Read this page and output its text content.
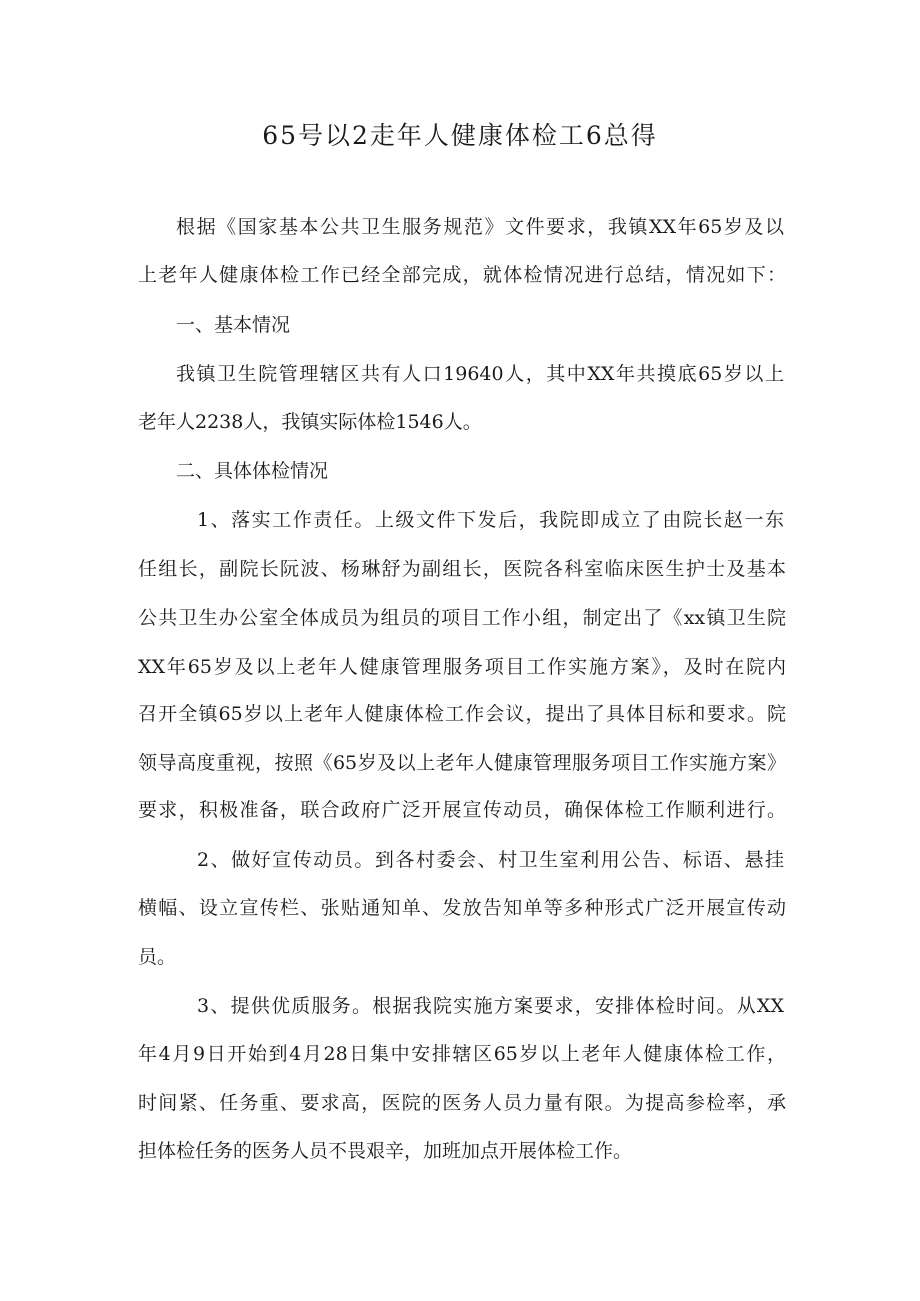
65号以2走年人健康体检工6总得
根据《国家基本公共卫生服务规范》文件要求，我镇XX年65岁及以
上老年人健康体检工作已经全部完成，就体检情况进行总结，情况如下：
一、基本情况
我镇卫生院管理辖区共有人口19640人，其中XX年共摸底65岁以上
老年人2238人，我镇实际体检1546人。
二、具体体检情况
1、落实工作责任。上级文件下发后，我院即成立了由院长赵一东
任组长，副院长阮波、杨琳舒为副组长，医院各科室临床医生护士及基本
公共卫生办公室全体成员为组员的项目工作小组，制定出了《xx镇卫生院
XX年65岁及以上老年人健康管理服务项目工作实施方案》，及时在院内
召开全镇65岁以上老年人健康体检工作会议，提出了具体目标和要求。院
领导高度重视，按照《65岁及以上老年人健康管理服务项目工作实施方案》
要求，积极准备，联合政府广泛开展宣传动员，确保体检工作顺利进行。
2、做好宣传动员。到各村委会、村卫生室利用公告、标语、悬挂
横幅、设立宣传栏、张贴通知单、发放告知单等多种形式广泛开展宣传动
员。
3、提供优质服务。根据我院实施方案要求，安排体检时间。从XX
年4月9日开始到4月28日集中安排辖区65岁以上老年人健康体检工作，
时间紧、任务重、要求高，医院的医务人员力量有限。为提高参检率，承
担体检任务的医务人员不畏艰辛，加班加点开展体检工作。
